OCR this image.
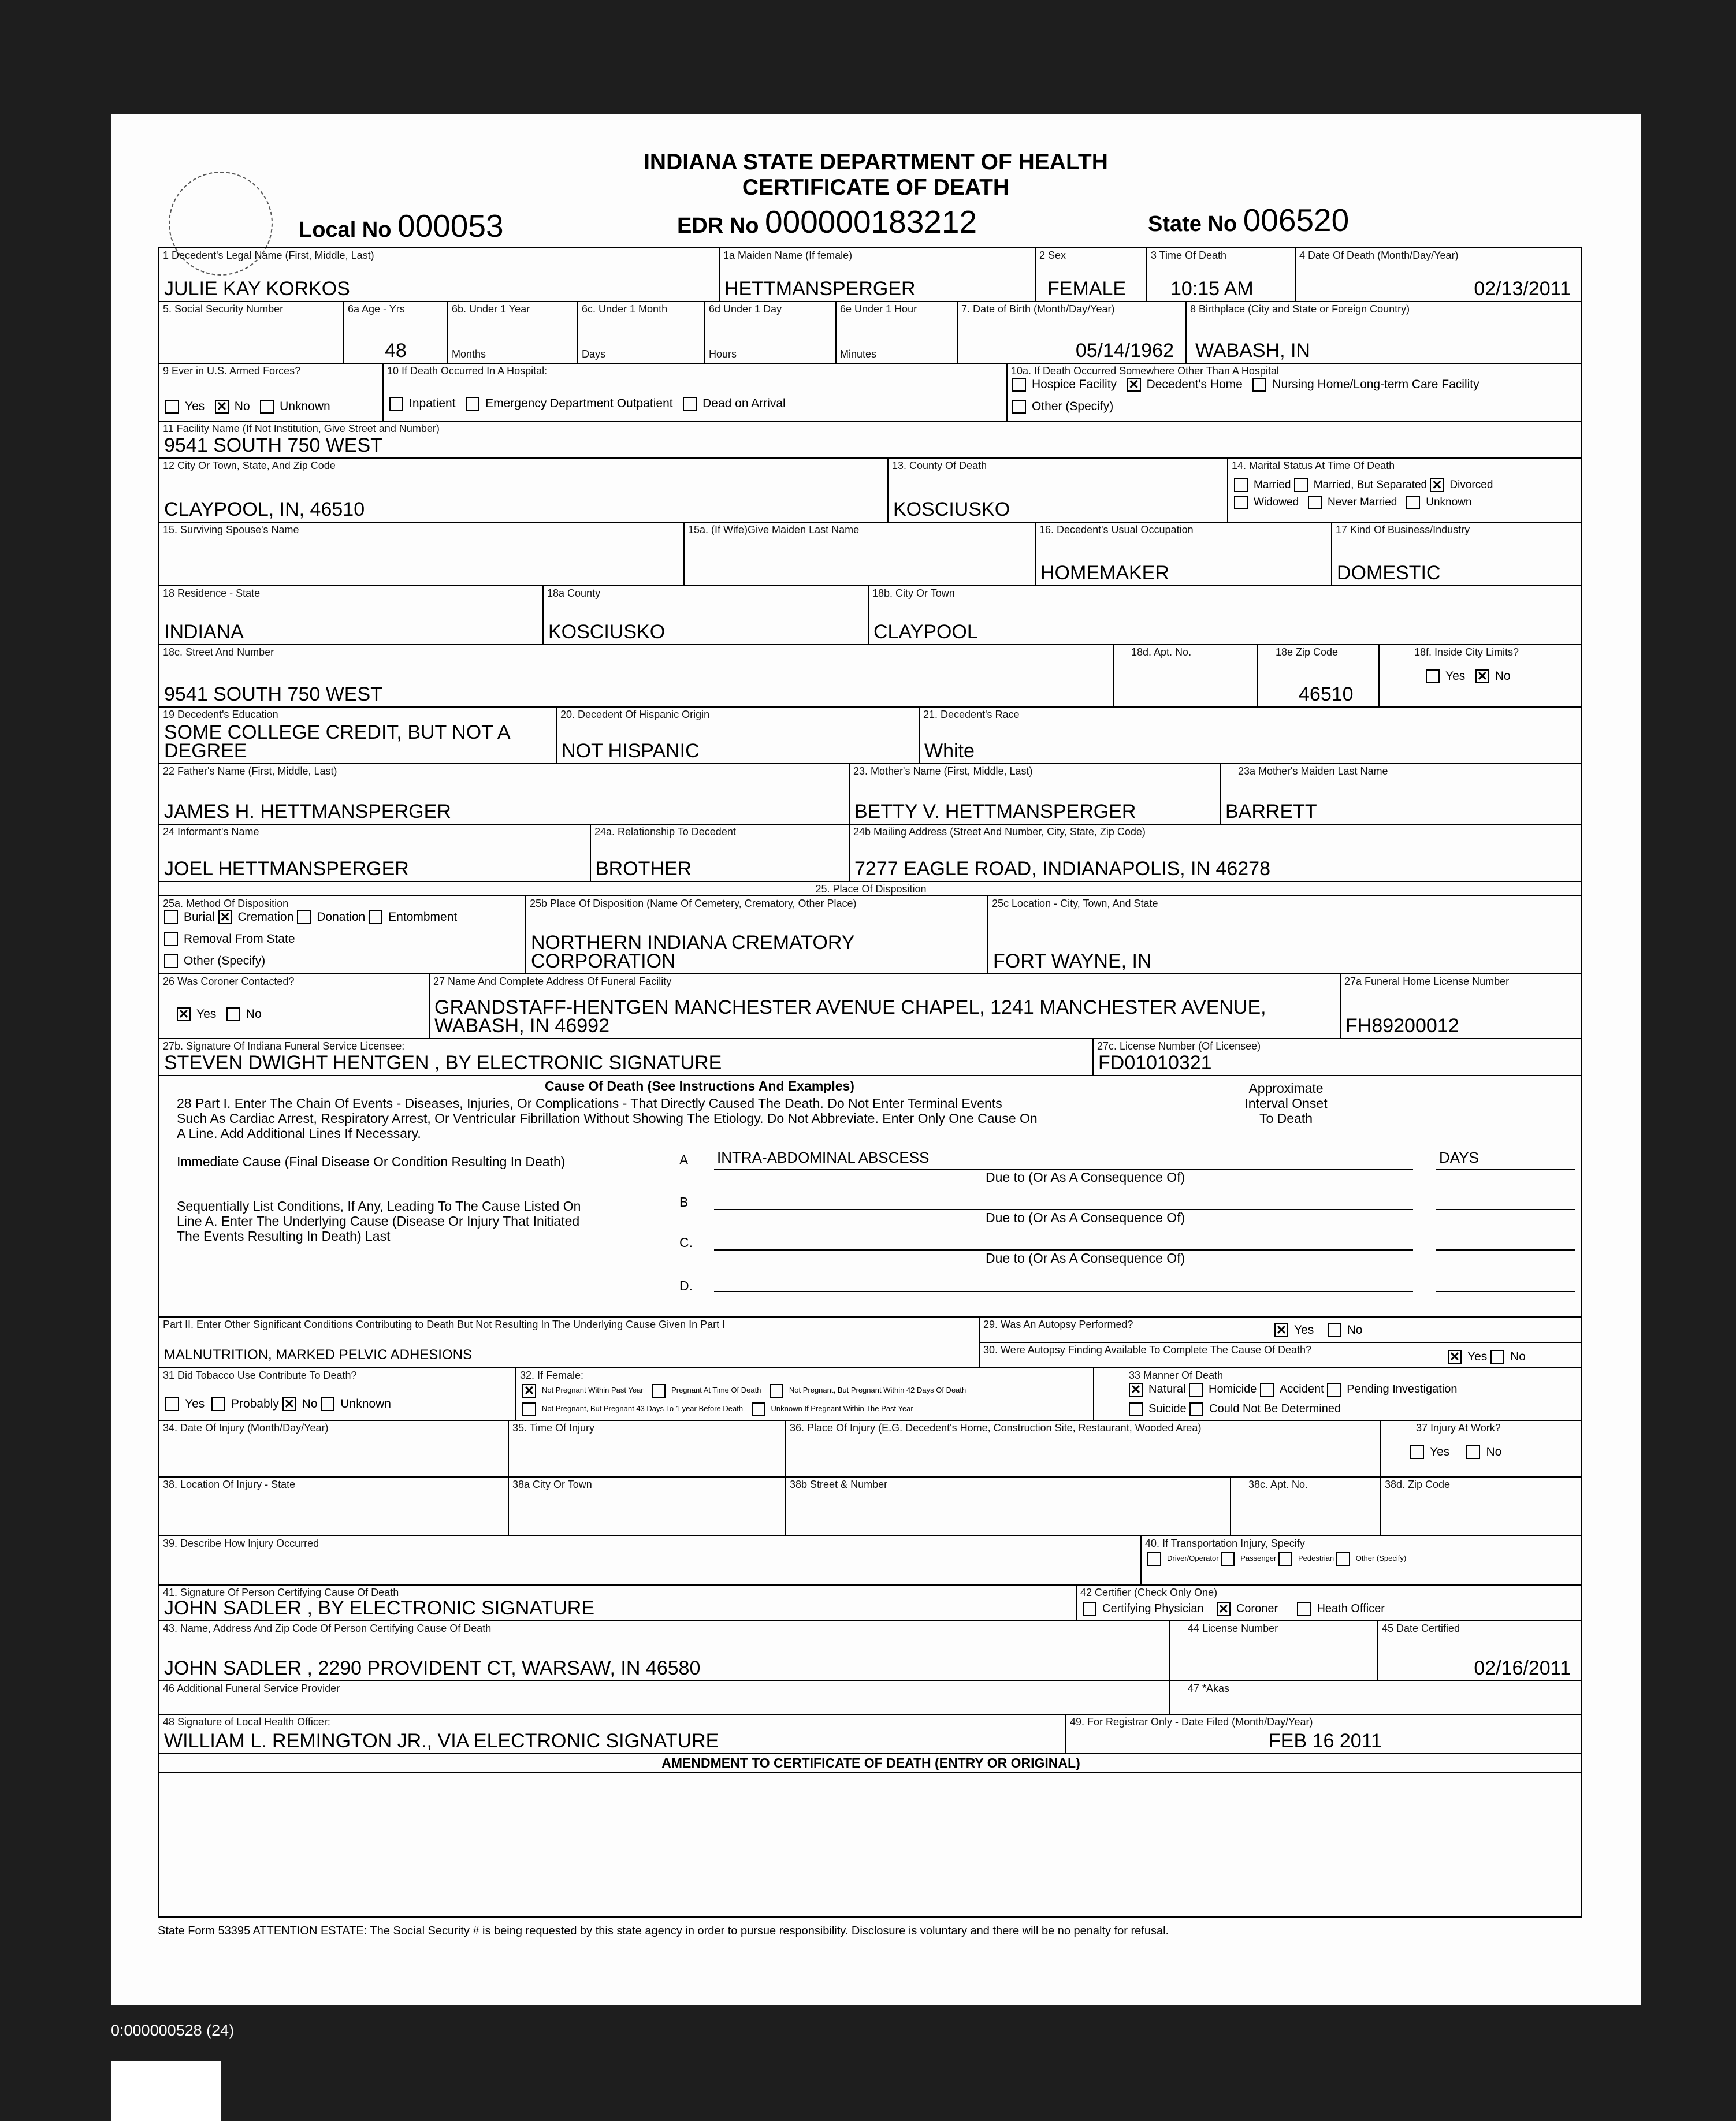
INDIANA STATE DEPARTMENT OF HEALTH
CERTIFICATE OF DEATH
Local No 000053	EDR No 000000183212	State No 006520
1 Decedent's Legal Name (First, Middle, Last)
JULIE KAY KORKOS
1a Maiden Name (If female)
HETTMANSPERGER
2 Sex
FEMALE
3 Time Of Death
10:15 AM
4 Date Of Death (Month/Day/Year)
02/13/2011
5. Social Security Number	6a Age - Yrs
48
6b. Under 1 Year
Months
6c. Under 1 Month
Days
6d Under 1 Day
Hours
6e Under 1 Hour
Minutes
7. Date of Birth (Month/Day/Year)
05/14/1962
8 Birthplace (City and State or Foreign Country)
WABASH, IN
9 Ever in U.S. Armed Forces?
Yes ✕ No Unknown
10 If Death Occurred In A Hospital:
Inpatient Emergency Department Outpatient Dead on Arrival
10a. If Death Occurred Somewhere Other Than A Hospital
Hospice Facility ✕ Decedent's Home Nursing Home/Long-term Care Facility
Other (Specify)
11 Facility Name (If Not Institution, Give Street and Number)
9541 SOUTH 750 WEST
12 City Or Town, State, And Zip Code
CLAYPOOL, IN, 46510
13. County Of Death
KOSCIUSKO
14. Marital Status At Time Of Death
Married Married, But Separated ✕ Divorced
Widowed	Never Married	Unknown
15. Surviving Spouse's Name	15a. (If Wife)Give Maiden Last Name	16. Decedent's Usual Occupation
HOMEMAKER
17 Kind Of Business/Industry
DOMESTIC
18 Residence - State
INDIANA
18a County
KOSCIUSKO
18b. City Or Town
CLAYPOOL
18c. Street And Number
9541 SOUTH 750 WEST
18d. Apt. No.	18e Zip Code
46510
18f. Inside City Limits?
Yes ✕ No
19 Decedent's Education
SOME COLLEGE CREDIT, BUT NOT A
DEGREE
20. Decedent Of Hispanic Origin
NOT HISPANIC
21. Decedent's Race
White
22 Father's Name (First, Middle, Last)
JAMES H. HETTMANSPERGER
23. Mother's Name (First, Middle, Last)
BETTY V. HETTMANSPERGER
23a Mother's Maiden Last Name
BARRETT
24 Informant's Name
JOEL HETTMANSPERGER
24a. Relationship To Decedent
BROTHER
24b Mailing Address (Street And Number, City, State, Zip Code)
7277 EAGLE ROAD, INDIANAPOLIS, IN 46278
25. Place Of Disposition
25a. Method Of Disposition
Burial ✕ Cremation Donation Entombment
Removal From State
Other (Specify)
25b Place Of Disposition (Name Of Cemetery, Crematory, Other Place)
NORTHERN INDIANA CREMATORY
CORPORATION
25c Location - City, Town, And State
FORT WAYNE, IN
26 Was Coroner Contacted?
✕ Yes No
27 Name And Complete Address Of Funeral Facility
GRANDSTAFF-HENTGEN MANCHESTER AVENUE CHAPEL, 1241 MANCHESTER AVENUE,
WABASH, IN 46992
27a Funeral Home License Number
FH89200012
27b. Signature Of Indiana Funeral Service Licensee:
STEVEN DWIGHT HENTGEN , BY ELECTRONIC SIGNATURE
27c. License Number (Of Licensee)
FD01010321
Cause Of Death (See Instructions And Examples)	Approximate
Interval Onset
To Death
28 Part I. Enter The Chain Of Events - Diseases, Injuries, Or Complications - That Directly Caused The Death. Do Not Enter Terminal Events
Such As Cardiac Arrest, Respiratory Arrest, Or Ventricular Fibrillation Without Showing The Etiology. Do Not Abbreviate. Enter Only One Cause On
A Line. Add Additional Lines If Necessary.
Immediate Cause (Final Disease Or Condition Resulting In Death)
Sequentially List Conditions, If Any, Leading To The Cause Listed On
Line A. Enter The Underlying Cause (Disease Or Injury That Initiated
The Events Resulting In Death) Last
A INTRA-ABDOMINAL ABSCESS
Due to (Or As A Consequence Of)
DAYS
B
Due to (Or As A Consequence Of)
C.
Due to (Or As A Consequence Of)
D.
Part II. Enter Other Significant Conditions Contributing to Death But Not Resulting In The Underlying Cause Given In Part I
MALNUTRITION, MARKED PELVIC ADHESIONS
29. Was An Autopsy Performed?	✕ Yes	No
30. Were Autopsy Finding Available To Complete The Cause Of Death?	✕ Yes No
31 Did Tobacco Use Contribute To Death?
Yes Probably ✕ No Unknown
32. If Female:
✕ Not Pregnant Within Past Year	Pregnant At Time Of Death	Not Pregnant, But Pregnant Within 42 Days Of Death
Not Pregnant, But Pregnant 43 Days To 1 year Before Death	Unknown If Pregnant Within The Past Year
33 Manner Of Death
✕ Natural Homicide Accident Pending Investigation
Suicide Could Not Be Determined
34. Date Of Injury (Month/Day/Year)	35. Time Of Injury	36. Place Of Injury (E.G. Decedent's Home, Construction Site, Restaurant, Wooded Area)	37 Injury At Work?
Yes	No
38. Location Of Injury - State	38a City Or Town	38b Street & Number	38c. Apt. No.	38d. Zip Code
39. Describe How Injury Occurred	40. If Transportation Injury, Specify
Driver/Operator	Passenger	Pedestrian	Other (Specify)
41. Signature Of Person Certifying Cause Of Death
JOHN SADLER , BY ELECTRONIC SIGNATURE
42 Certifier (Check Only One)
Certifying Physician ✕ Coroner	Heath Officer
43. Name, Address And Zip Code Of Person Certifying Cause Of Death
JOHN SADLER , 2290 PROVIDENT CT, WARSAW, IN 46580
44 License Number	45 Date Certified
02/16/2011
46 Additional Funeral Service Provider	47 *Akas
48 Signature of Local Health Officer:
WILLIAM L. REMINGTON JR., VIA ELECTRONIC SIGNATURE
49. For Registrar Only - Date Filed (Month/Day/Year)
FEB 16 2011
AMENDMENT TO CERTIFICATE OF DEATH (ENTRY OR ORIGINAL)
State Form 53395 ATTENTION ESTATE: The Social Security # is being requested by this state agency in order to pursue responsibility. Disclosure is voluntary and there will be no penalty for refusal.
0:000000528 (24)
